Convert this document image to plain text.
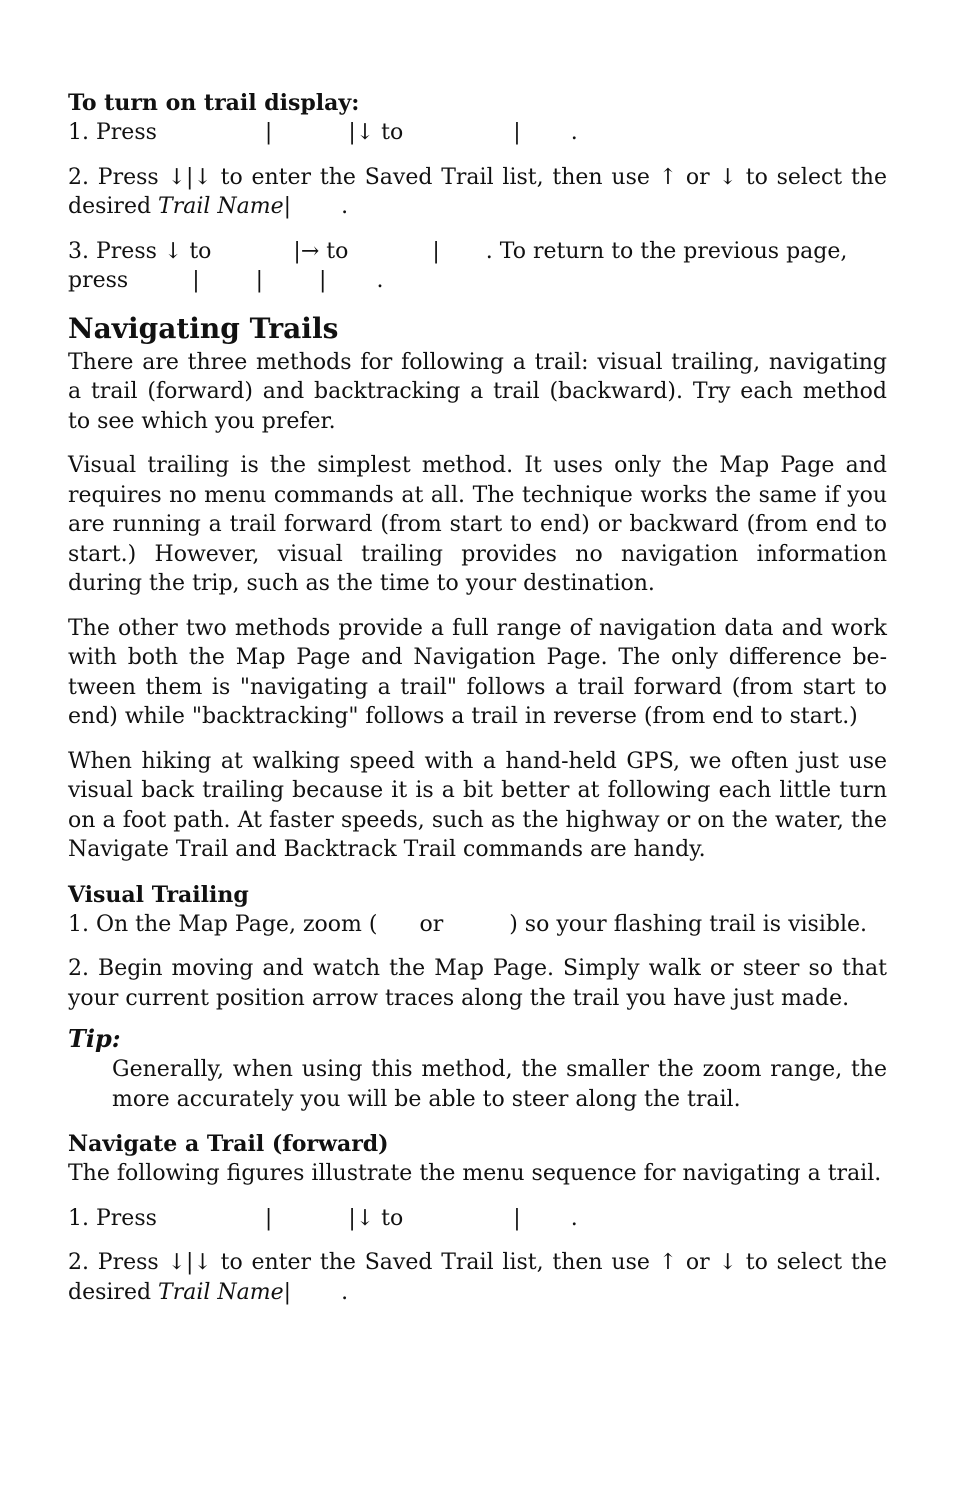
To turn on trail display:

1. Press	|	|↓ to	| .

2. Press ↓|↓ to enter the Saved Trail list, then use ↑ or ↓ to select the desired Trail Name| .

3. Press ↓ to	|→ to	| . To return to the previous page, press	|	|	| .

Navigating Trails

There are three methods for following a trail: visual trailing, navigating a trail (forward) and backtracking a trail (backward). Try each method to see which you prefer.

Visual trailing is the simplest method. It uses only the Map Page and requires no menu commands at all. The technique works the same if you are running a trail forward (from start to end) or backward (from end to start.) However, visual trailing provides no navigation information during the trip, such as the time to your destination.

The other two methods provide a full range of navigation data and work with both the Map Page and Navigation Page. The only difference between them is "navigating a trail" follows a trail forward (from start to end) while "backtracking" follows a trail in reverse (from end to start.)

When hiking at walking speed with a hand-held GPS, we often just use visual back trailing because it is a bit better at following each little turn on a foot path. At faster speeds, such as the highway or on the water, the Navigate Trail and Backtrack Trail commands are handy.

Visual Trailing

1. On the Map Page, zoom ( or	) so your flashing trail is visible.

2. Begin moving and watch the Map Page. Simply walk or steer so that your current position arrow traces along the trail you have just made.

Tip:

Generally, when using this method, the smaller the zoom range, the more accurately you will be able to steer along the trail.

Navigate a Trail (forward)

The following figures illustrate the menu sequence for navigating a trail.

1. Press	|	|↓ to	| .

2. Press ↓|↓ to enter the Saved Trail list, then use ↑ or ↓ to select the desired Trail Name| .
